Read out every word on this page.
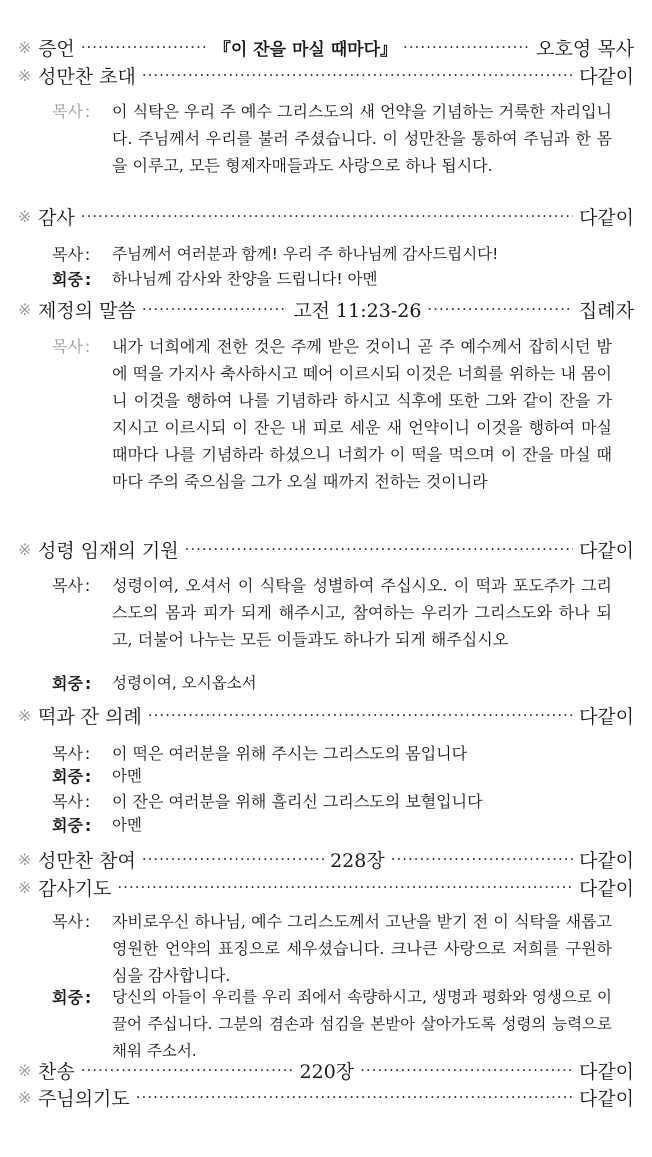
※ 증언 ·····	『이 잔을 마실 때마다』 ·····	오호영 목사
※ 성만찬 초대 ·····	다같이
목사 :	이 식탁은 우리 주 예수 그리스도의 새 언약을 기념하는 거룩한 자리입니다. 주님께서 우리를 불러 주셨습니다. 이 성만찬을 통하여 주님과 한 몸을 이루고, 모든 형제자매들과도 사랑으로 하나 됩시다.
※ 감사 ·····	다같이
목사 :	주님께서 여러분과 함께! 우리 주 하나님께 감사드립시다!
회중 :	하나님께 감사와 찬양을 드립니다! 아멘
※ 제정의 말씀 ·····	고전 11:23-26 ·····	집례자
목사 :	내가 너희에게 전한 것은 주께 받은 것이니 곧 주 예수께서 잡히시던 밤에 떡을 가지사 축사하시고 떼어 이르시되 이것은 너희를 위하는 내 몸이니 이것을 행하여 나를 기념하라 하시고 식후에 또한 그와 같이 잔을 가지시고 이르시되 이 잔은 내 피로 세운 새 언약이니 이것을 행하여 마실 때마다 나를 기념하라 하셨으니 너희가 이 떡을 먹으며 이 잔을 마실 때마다 주의 죽으심을 그가 오실 때까지 전하는 것이니라
※ 성령 임재의 기원 ·····	다같이
목사 :	성령이여, 오셔서 이 식탁을 성별하여 주십시오. 이 떡과 포도주가 그리스도의 몸과 피가 되게 해주시고, 참여하는 우리가 그리스도와 하나 되고, 더불어 나누는 모든 이들과도 하나가 되게 해주십시오
회중 :	성령이여, 오시옵소서
※ 떡과 잔 의례 ·····	다같이
목사 :	이 떡은 여러분을 위해 주시는 그리스도의 몸입니다
회중 :	아멘
목사 :	이 잔은 여러분을 위해 흘리신 그리스도의 보혈입니다
회중 :	아멘
※ 성만찬 참여 ·····	228장 ·····	다같이
※ 감사기도 ·····	다같이
목사 :	자비로우신 하나님, 예수 그리스도께서 고난을 받기 전 이 식탁을 새롭고 영원한 언약의 표징으로 세우셨습니다. 크나큰 사랑으로 저희를 구원하심을 감사합니다.
회중 :	당신의 아들이 우리를 우리 죄에서 속량하시고, 생명과 평화와 영생으로 이끌어 주십니다. 그분의 겸손과 섬김을 본받아 살아가도록 성령의 능력으로 채워 주소서.
※ 찬송 ·····	220장 ·····	다같이
※ 주님의기도 ·····	다같이
